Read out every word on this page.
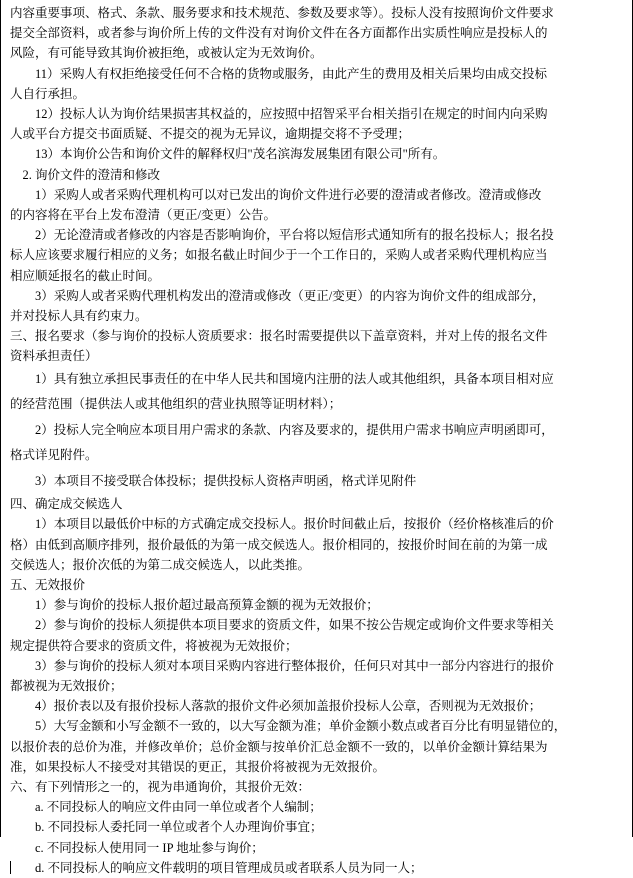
内容重要事项、格式、条款、服务要求和技术规范、参数及要求等）。投标人没有按照询价文件要求
提交全部资料，或者参与询价所上传的文件没有对询价文件在各方面都作出实质性响应是投标人的
风险，有可能导致其询价被拒绝，或被认定为无效询价。
　　11）采购人有权拒绝接受任何不合格的货物或服务，由此产生的费用及相关后果均由成交投标
人自行承担。
　　12）投标人认为询价结果损害其权益的，应按照中招智采平台相关指引在规定的时间内向采购
人或平台方提交书面质疑、不提交的视为无异议，逾期提交将不予受理；
　　13）本询价公告和询价文件的解释权归"茂名滨海发展集团有限公司"所有。
　2. 询价文件的澄清和修改
　　1）采购人或者采购代理机构可以对已发出的询价文件进行必要的澄清或者修改。澄清或修改
的内容将在平台上发布澄清（更正/变更）公告。
　　2）无论澄清或者修改的内容是否影响询价，平台将以短信形式通知所有的报名投标人；报名投
标人应该要求履行相应的义务；如报名截止时间少于一个工作日的，采购人或者采购代理机构应当
相应顺延报名的截止时间。
　　3）采购人或者采购代理机构发出的澄清或修改（更正/变更）的内容为询价文件的组成部分，
并对投标人具有约束力。
三、报名要求（参与询价的投标人资质要求：报名时需要提供以下盖章资料，并对上传的报名文件
资料承担责任）
　　1）具有独立承担民事责任的在中华人民共和国境内注册的法人或其他组织，具备本项目相对应
的经营范围（提供法人或其他组织的营业执照等证明材料）；
　　2）投标人完全响应本项目用户需求的条款、内容及要求的，提供用户需求书响应声明函即可，
格式详见附件。
　　3）本项目不接受联合体投标；提供投标人资格声明函，格式详见附件
四、确定成交候选人
　　1）本项目以最低价中标的方式确定成交投标人。报价时间截止后，按报价（经价格核准后的价
格）由低到高顺序排列，报价最低的为第一成交候选人。报价相同的，按报价时间在前的为第一成
交候选人；报价次低的为第二成交候选人，以此类推。
五、无效报价
　　1）参与询价的投标人报价超过最高预算金额的视为无效报价；
　　2）参与询价的投标人须提供本项目要求的资质文件，如果不按公告规定或询价文件要求等相关
规定提供符合要求的资质文件，将被视为无效报价；
　　3）参与询价的投标人须对本项目采购内容进行整体报价，任何只对其中一部分内容进行的报价
都被视为无效报价；
　　4）报价表以及有报价投标人落款的报价文件必须加盖报价投标人公章，否则视为无效报价；
　　5）大写金额和小写金额不一致的，以大写金额为准；单价金额小数点或者百分比有明显错位的，
以报价表的总价为准，并修改单价；总价金额与按单价汇总金额不一致的，以单价金额计算结果为
准，如果投标人不接受对其错误的更正，其报价将被视为无效报价。
六、有下列情形之一的，视为串通询价，其报价无效：
　　a. 不同投标人的响应文件由同一单位或者个人编制；
　　b. 不同投标人委托同一单位或者个人办理询价事宜；
　　c. 不同投标人使用同一 IP 地址参与询价；
　　d. 不同投标人的响应文件载明的项目管理成员或者联系人员为同一人；
